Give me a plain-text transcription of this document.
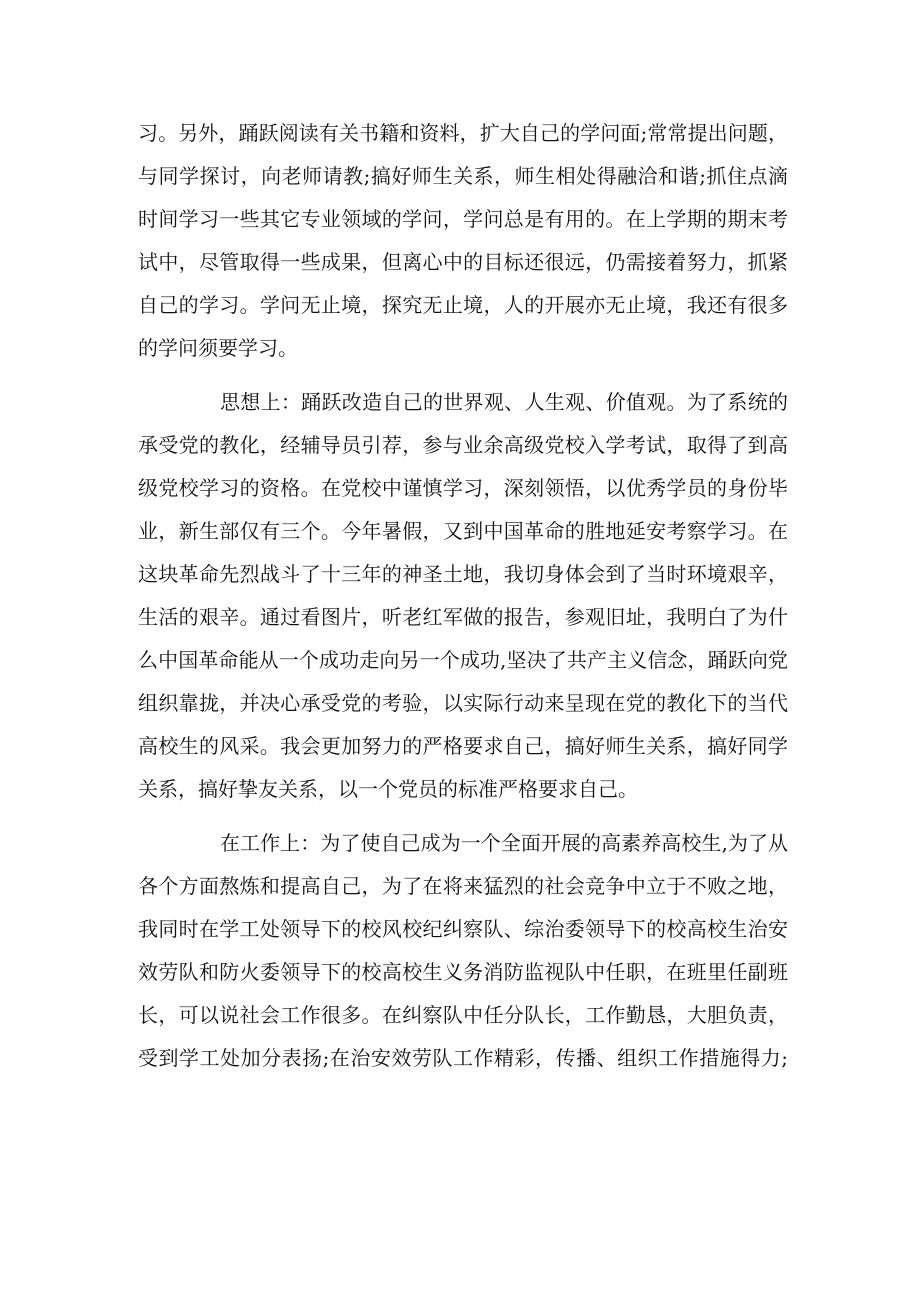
习。另外，踊跃阅读有关书籍和资料，扩大自己的学问面;常常提出问题，
与同学探讨，向老师请教;搞好师生关系，师生相处得融洽和谐;抓住点滴
时间学习一些其它专业领域的学问，学问总是有用的。在上学期的期末考
试中，尽管取得一些成果，但离心中的目标还很远，仍需接着努力，抓紧
自己的学习。学问无止境，探究无止境，人的开展亦无止境，我还有很多
的学问须要学习。
思想上：踊跃改造自己的世界观、人生观、价值观。为了系统的
承受党的教化，经辅导员引荐，参与业余高级党校入学考试，取得了到高
级党校学习的资格。在党校中谨慎学习，深刻领悟，以优秀学员的身份毕
业，新生部仅有三个。今年暑假，又到中国革命的胜地延安考察学习。在
这块革命先烈战斗了十三年的神圣土地，我切身体会到了当时环境艰辛，
生活的艰辛。通过看图片，听老红军做的报告，参观旧址，我明白了为什
么中国革命能从一个成功走向另一个成功,坚决了共产主义信念，踊跃向党
组织靠拢，并决心承受党的考验，以实际行动来呈现在党的教化下的当代
高校生的风采。我会更加努力的严格要求自己，搞好师生关系，搞好同学
关系，搞好挚友关系，以一个党员的标准严格要求自己。
在工作上：为了使自己成为一个全面开展的高素养高校生,为了从
各个方面熬炼和提高自己，为了在将来猛烈的社会竞争中立于不败之地，
我同时在学工处领导下的校风校纪纠察队、综治委领导下的校高校生治安
效劳队和防火委领导下的校高校生义务消防监视队中任职，在班里任副班
长，可以说社会工作很多。在纠察队中任分队长，工作勤恳，大胆负责，
受到学工处加分表扬;在治安效劳队工作精彩，传播、组织工作措施得力;
